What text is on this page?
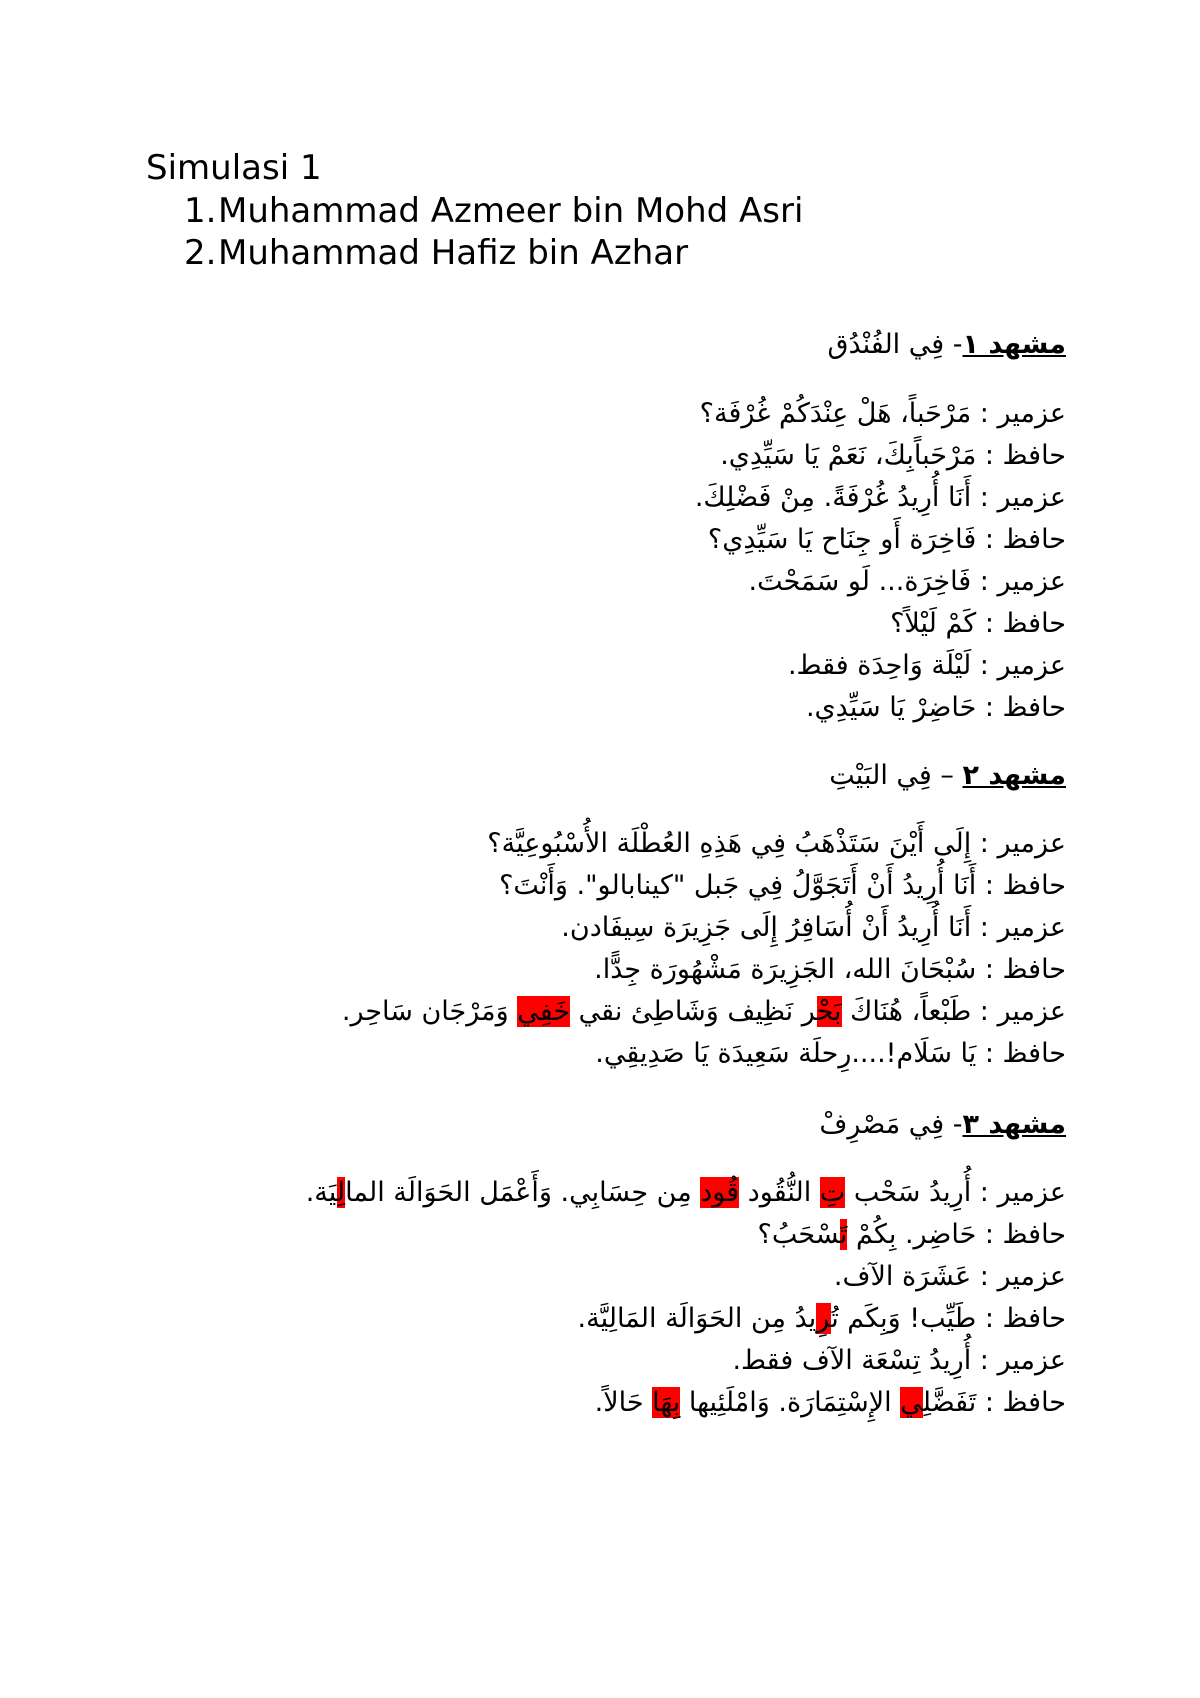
Simulasi 1
1.Muhammad Azmeer bin Mohd Asri
2.Muhammad Hafiz bin Azhar
مشهد ١- فِي الفُنْدُق
عزمير : مَرْحَباً، هَلْ عِنْدَكُمْ غُرْفَة؟
حافظ : مَرْحَباًبِكَ، نَعَمْ يَا سَيِّدِي.
عزمير : أَنَا أُرِيدُ غُرْفَةً. مِنْ فَضْلِكَ.
حافظ : فَاخِرَة أَو جِنَاح يَا سَيِّدِي؟
عزمير : فَاخِرَة... لَو سَمَحْتَ.
حافظ : كَمْ لَيْلاً؟
عزمير : لَيْلَة وَاحِدَة فقط.
حافظ : حَاضِرْ يَا سَيِّدِي.
مشهد ٢ – فِي البَيْتِ
عزمير : إِلَى أَيْنَ سَتَذْهَبُ فِي هَذِهِ العُطْلَة الأُسْبُوعِيَّة؟
حافظ : أَنَا أُرِيدُ أَنْ أَتَجَوَّلُ فِي جَبل "كينابالو". وَأَنْتَ؟
عزمير : أَنَا أُرِيدُ أَنْ أُسَافِرُ إِلَى جَزِيرَة سِيفَادن.
حافظ : سُبْحَانَ الله، الجَزِيرَة مَشْهُورَة جِدًّا.
عزمير : طَبْعاً، هُنَاكَ بَحْر نَظِيف وَشَاطِئ نقي خَفِي وَمَرْجَان سَاحِر.
حافظ : يَا سَلَام!....رِحلَة سَعِيدَة يَا صَدِيقِي.
مشهد ٣- فِي مَصْرِفْ
عزمير : أُرِيدُ سَحْب تِ النُّقُود قُود مِن حِسَابِي. وَأَعْمَل الحَوَالَة المالِيَة.
حافظ : حَاضِر. بِكُمْ تَسْحَبُ؟
عزمير : عَشَرَة الآف.
حافظ : طَيِّب! وَبِكَم تُرِيدُ مِن الحَوَالَة المَالِيَّة.
عزمير : أُرِيدُ تِسْعَة الآف فقط.
حافظ : تَفَضَّلِي الإِسْتِمَارَة. وَامْلَئِيها بِهَا حَالاً.
